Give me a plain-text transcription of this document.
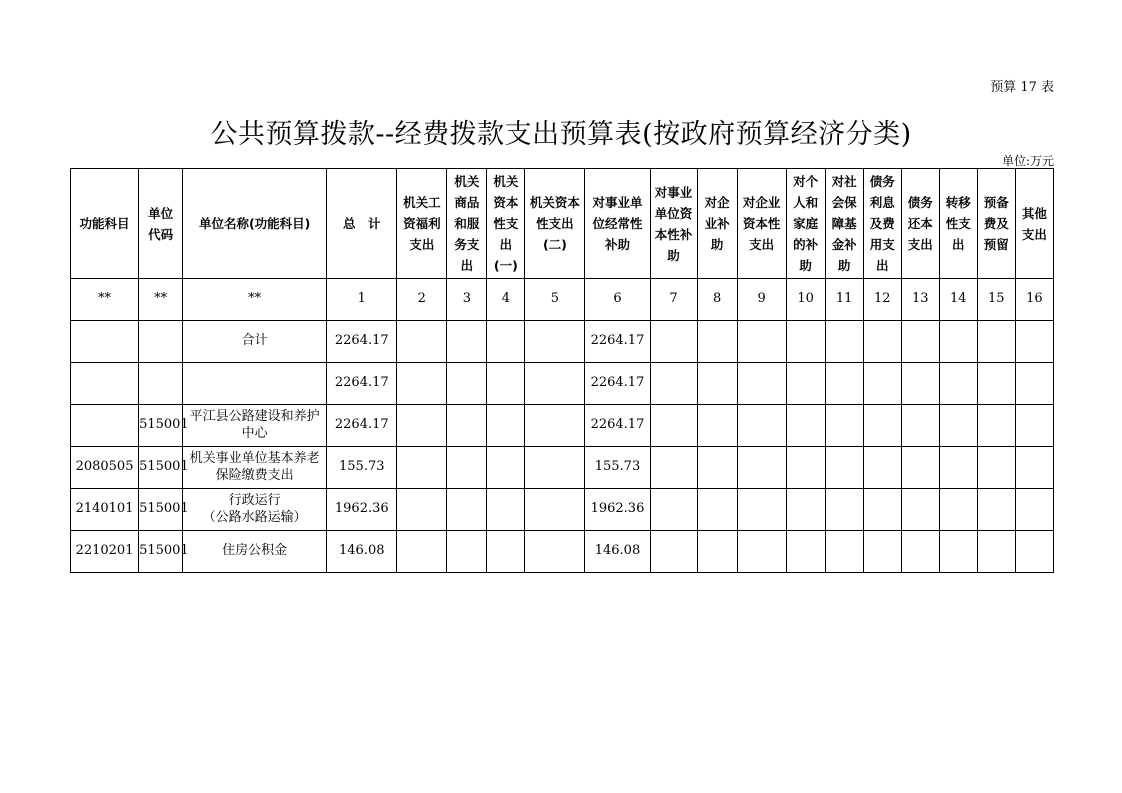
预算 17 表
公共预算拨款--经费拨款支出预算表(按政府预算经济分类)
单位:万元
功能科目	单位
代码	单位名称(功能科目)	总　计	机关工
资福利
支出	机关
商品
和服
务支
出	机关
资本
性支
出
(一)	机关资本
性支出
(二)	对事业单
位经常性
补助	对事业
单位资
本性补
助	对企
业补
助	对企业
资本性
支出	对个
人和
家庭
的补
助	对社
会保
障基
金补
助	债务
利息
及费
用支
出	债务
还本
支出	转移
性支
出	预备
费及
预留	其他
支出
**	**	**	1	2	3	4	5	6	7	8	9	10	11	12	13	14	15	16
		合计	2264.17					2264.17										
			2264.17					2264.17										
	515001	平江县公路建设和养护
中心	2264.17					2264.17										
2080505	515001	机关事业单位基本养老
保险缴费支出	155.73					155.73										
2140101	515001	行政运行
（公路水路运输）	1962.36					1962.36										
2210201	515001	住房公积金	146.08					146.08										
